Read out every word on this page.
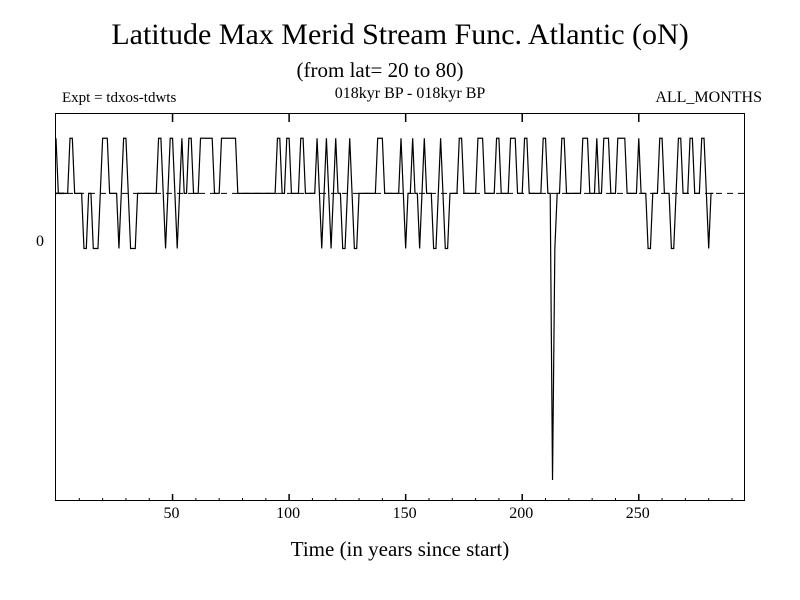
Latitude Max Merid Stream Func. Atlantic (oN)
(from lat= 20 to 80)
Expt = tdxos-tdwts	018kyr BP - 018kyr BP	ALL_MONTHS
0
50	100	150	200	250
Time (in years since start)
